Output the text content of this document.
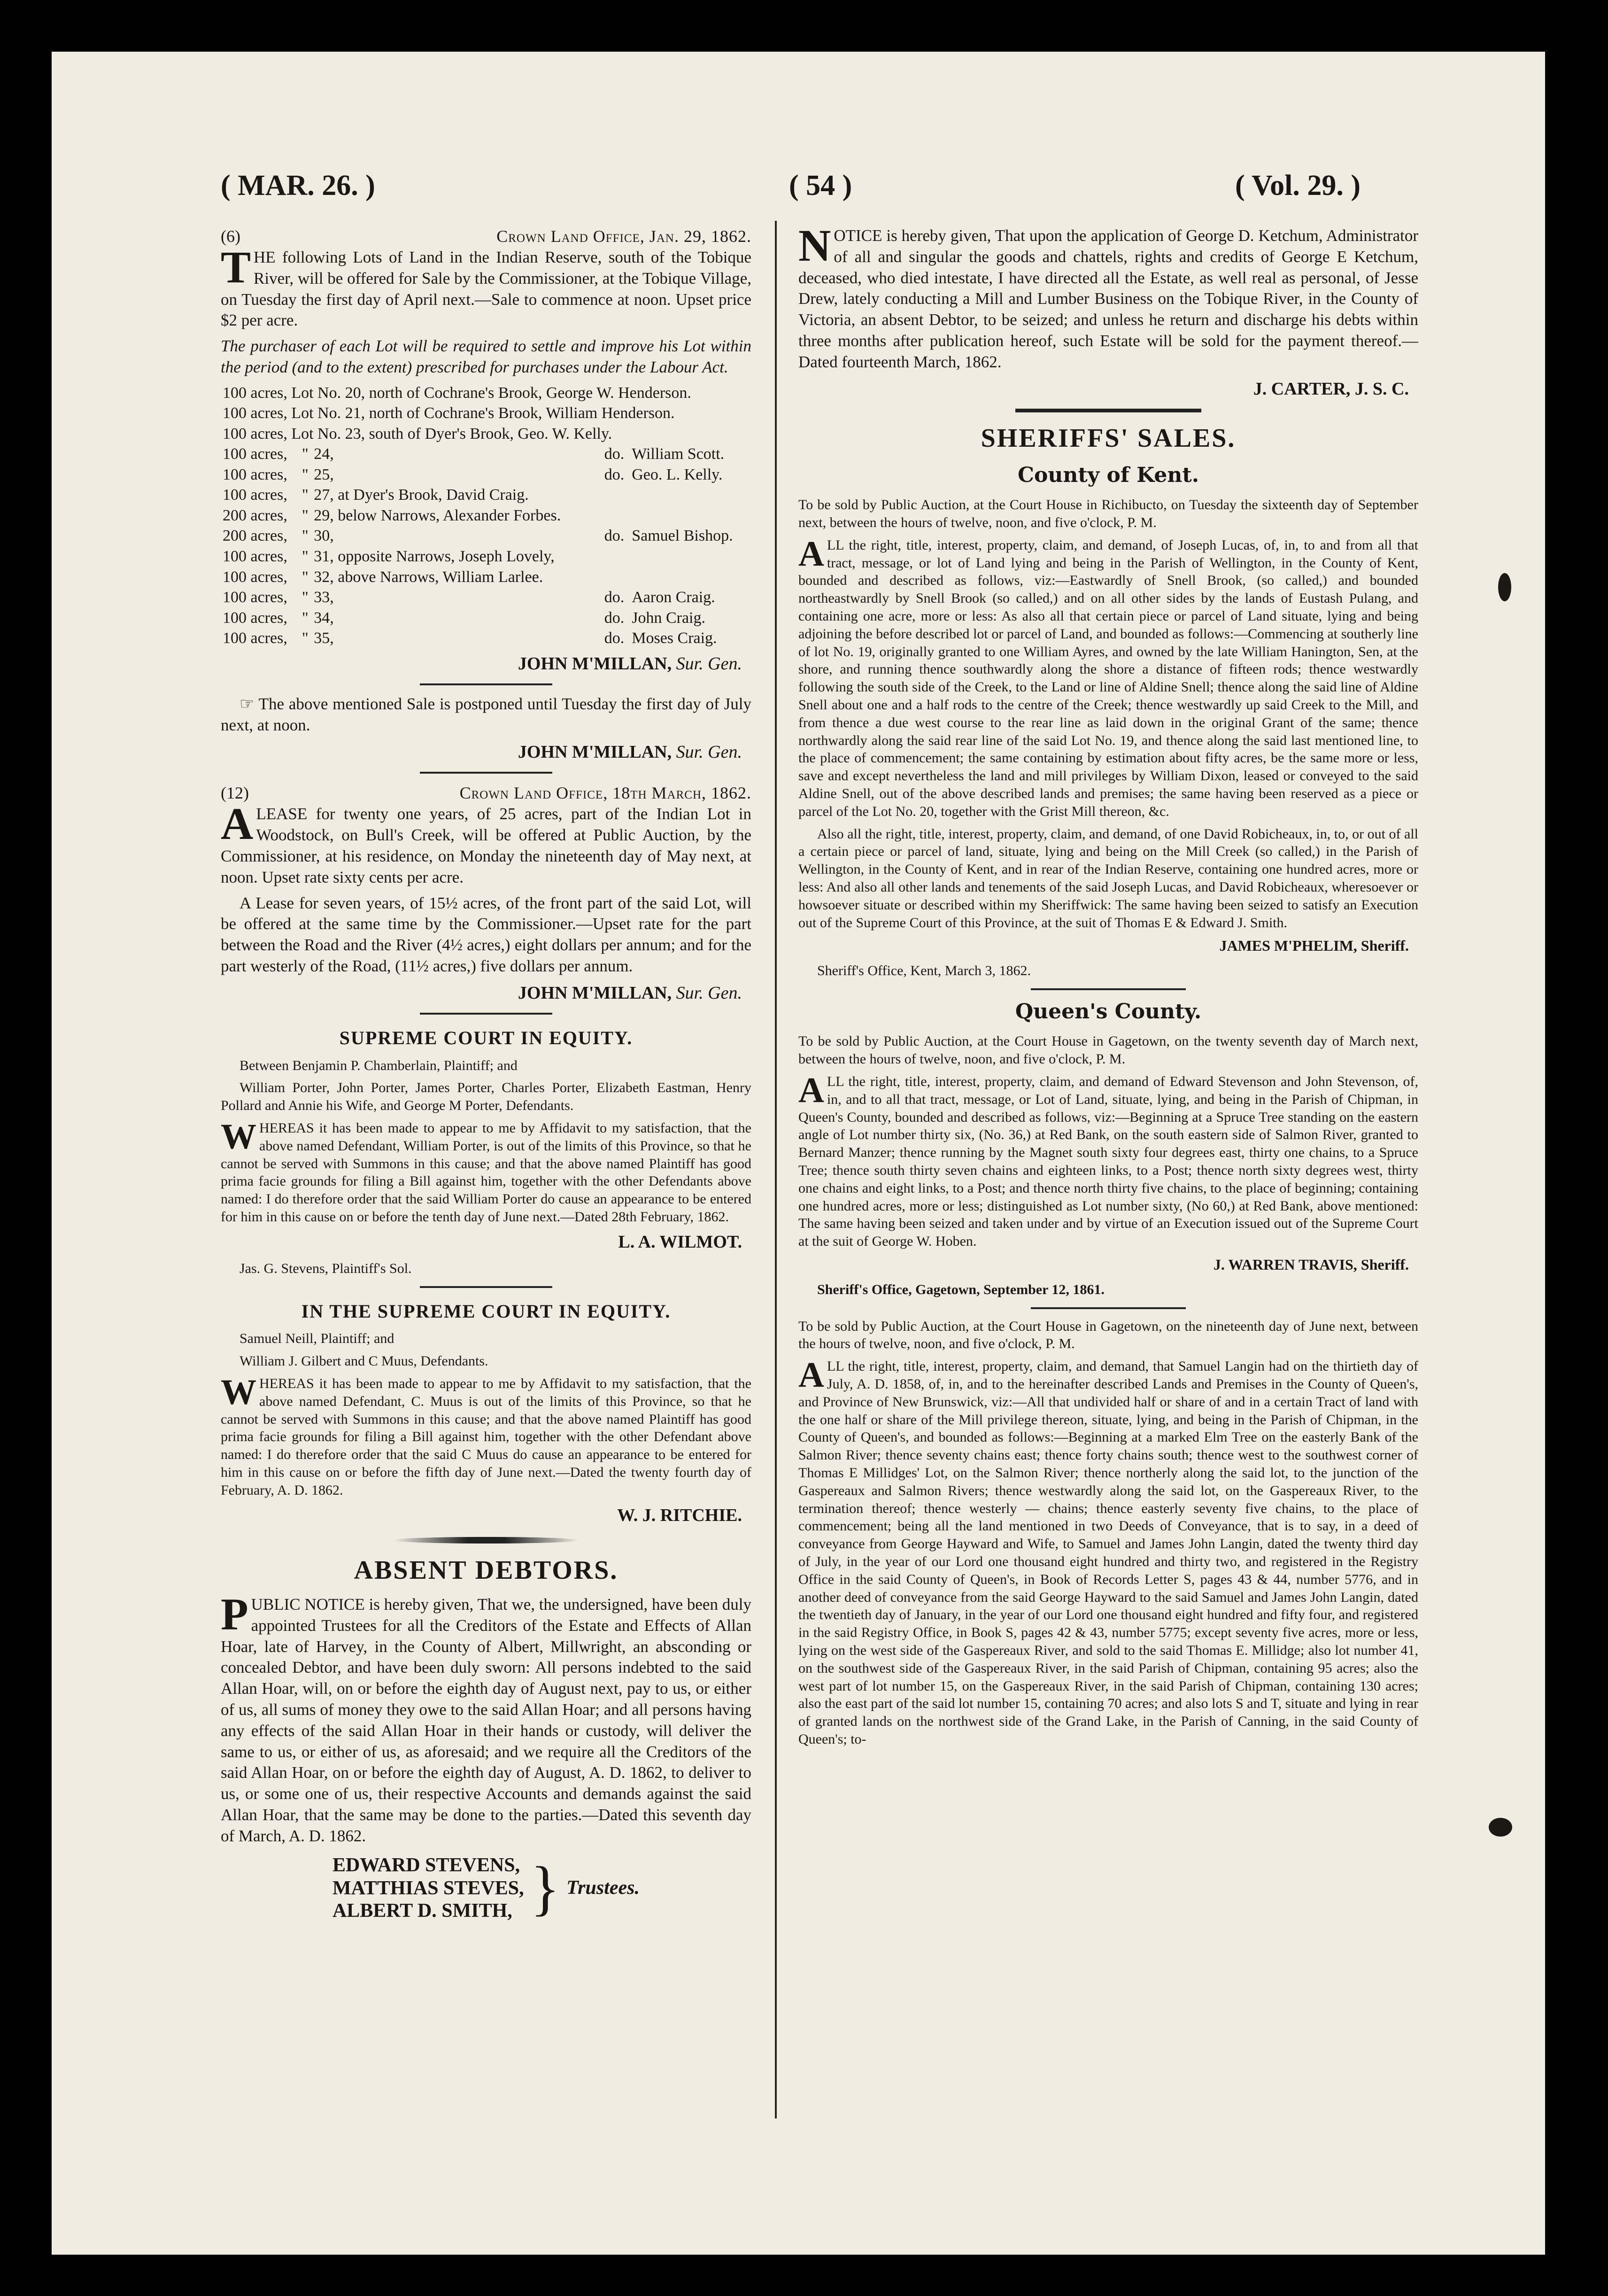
( MAR. 26. )	( 54 )	( Vol. 29. )
(6)	Crown Land Office, Jan. 29, 1862.

THE following Lots of Land in the Indian Reserve, south of the Tobique River, will be offered for Sale by the Commissioner, at the Tobique Village, on Tuesday the first day of April next.—Sale to commence at noon. Upset price $2 per acre.

The purchaser of each Lot will be required to settle and improve his Lot within the period (and to the extent) prescribed for purchases under the Labour Act.

100 acres, Lot No. 20, north of Cochrane's Brook, George W. Henderson.				
100 acres, Lot No. 21, north of Cochrane's Brook, William Henderson.				
100 acres, Lot No. 23, south of Dyer's Brook, Geo. W. Kelly.				
100 acres,	"	24,	do.	William Scott.
100 acres,	"	25,	do.	Geo. L. Kelly.
100 acres,	"	27, at Dyer's Brook, David Craig.		
200 acres,	"	29, below Narrows, Alexander Forbes.		
200 acres,	"	30,	do.	Samuel Bishop.
100 acres,	"	31, opposite Narrows, Joseph Lovely,		
100 acres,	"	32, above Narrows, William Larlee.		
100 acres,	"	33,	do.	Aaron Craig.
100 acres,	"	34,	do.	John Craig.
100 acres,	"	35,	do.	Moses Craig.
JOHN M'MILLAN, Sur. Gen.

☞ The above mentioned Sale is postponed until Tuesday the first day of July next, at noon.

JOHN M'MILLAN, Sur. Gen.
(12)	Crown Land Office, 18th March, 1862.

A LEASE for twenty one years, of 25 acres, part of the Indian Lot in Woodstock, on Bull's Creek, will be offered at Public Auction, by the Commissioner, at his residence, on Monday the nineteenth day of May next, at noon. Upset rate sixty cents per acre.

A Lease for seven years, of 15½ acres, of the front part of the said Lot, will be offered at the same time by the Commissioner.—Upset rate for the part between the Road and the River (4½ acres,) eight dollars per annum; and for the part westerly of the Road, (11½ acres,) five dollars per annum.

JOHN M'MILLAN, Sur. Gen.
SUPREME COURT IN EQUITY.

Between Benjamin P. Chamberlain, Plaintiff; and

William Porter, John Porter, James Porter, Charles Porter, Elizabeth Eastman, Henry Pollard and Annie his Wife, and George M Porter, Defendants.

WHEREAS it has been made to appear to me by Affidavit to my satisfaction, that the above named Defendant, William Porter, is out of the limits of this Province, so that he cannot be served with Summons in this cause; and that the above named Plaintiff has good prima facie grounds for filing a Bill against him, together with the other Defendants above named: I do therefore order that the said William Porter do cause an appearance to be entered for him in this cause on or before the tenth day of June next.—Dated 28th February, 1862.

L. A. WILMOT.

Jas. G. Stevens, Plaintiff's Sol.

IN THE SUPREME COURT IN EQUITY.

Samuel Neill, Plaintiff; and

William J. Gilbert and C Muus, Defendants.

WHEREAS it has been made to appear to me by Affidavit to my satisfaction, that the above named Defendant, C. Muus is out of the limits of this Province, so that he cannot be served with Summons in this cause; and that the above named Plaintiff has good prima facie grounds for filing a Bill against him, together with the other Defendant above named: I do therefore order that the said C Muus do cause an appearance to be entered for him in this cause on or before the fifth day of June next.—Dated the twenty fourth day of February, A. D. 1862.

W. J. RITCHIE.
ABSENT DEBTORS.

PUBLIC NOTICE is hereby given, That we, the undersigned, have been duly appointed Trustees for all the Creditors of the Estate and Effects of Allan Hoar, late of Harvey, in the County of Albert, Millwright, an absconding or concealed Debtor, and have been duly sworn: All persons indebted to the said Allan Hoar, will, on or before the eighth day of August next, pay to us, or either of us, all sums of money they owe to the said Allan Hoar; and all persons having any effects of the said Allan Hoar in their hands or custody, will deliver the same to us, or either of us, as aforesaid; and we require all the Creditors of the said Allan Hoar, on or before the eighth day of August, A. D. 1862, to deliver to us, or some one of us, their respective Accounts and demands against the said Allan Hoar, that the same may be done to the parties.—Dated this seventh day of March, A. D. 1862.

EDWARD STEVENS,
MATTHIAS STEVES,
ALBERT D. SMITH, } Trustees.

NOTICE is hereby given, That upon the application of George D. Ketchum, Administrator of all and singular the goods and chattels, rights and credits of George E Ketchum, deceased, who died intestate, I have directed all the Estate, as well real as personal, of Jesse Drew, lately conducting a Mill and Lumber Business on the Tobique River, in the County of Victoria, an absent Debtor, to be seized; and unless he return and discharge his debts within three months after publication hereof, such Estate will be sold for the payment thereof.—Dated fourteenth March, 1862.

J. CARTER, J. S. C.
SHERIFFS' SALES.
County of Kent.

To be sold by Public Auction, at the Court House in Richibucto, on Tuesday the sixteenth day of September next, between the hours of twelve, noon, and five o'clock, P. M.

ALL the right, title, interest, property, claim, and demand, of Joseph Lucas, of, in, to and from all that tract, message, or lot of Land lying and being in the Parish of Wellington, in the County of Kent, bounded and described as follows, viz:—Eastwardly of Snell Brook, (so called,) and bounded northeastwardly by Snell Brook (so called,) and on all other sides by the lands of Eustash Pulang, and containing one acre, more or less: As also all that certain piece or parcel of Land situate, lying and being adjoining the before described lot or parcel of Land, and bounded as follows:—Commencing at southerly line of lot No. 19, originally granted to one William Ayres, and owned by the late William Hanington, Sen, at the shore, and running thence southwardly along the shore a distance of fifteen rods; thence westwardly following the south side of the Creek, to the Land or line of Aldine Snell; thence along the said line of Aldine Snell about one and a half rods to the centre of the Creek; thence westwardly up said Creek to the Mill, and from thence a due west course to the rear line as laid down in the original Grant of the same; thence northwardly along the said rear line of the said Lot No. 19, and thence along the said last mentioned line, to the place of commencement; the same containing by estimation about fifty acres, be the same more or less, save and except nevertheless the land and mill privileges by William Dixon, leased or conveyed to the said Aldine Snell, out of the above described lands and premises; the same having been reserved as a piece or parcel of the Lot No. 20, together with the Grist Mill thereon, &c.

Also all the right, title, interest, property, claim, and demand, of one David Robicheaux, in, to, or out of all a certain piece or parcel of land, situate, lying and being on the Mill Creek (so called,) in the Parish of Wellington, in the County of Kent, and in rear of the Indian Reserve, containing one hundred acres, more or less: And also all other lands and tenements of the said Joseph Lucas, and David Robicheaux, wheresoever or howsoever situate or described within my Sheriffwick: The same having been seized to satisfy an Execution out of the Supreme Court of this Province, at the suit of Thomas E & Edward J. Smith.

JAMES M'PHELIM, Sheriff.

Sheriff's Office, Kent, March 3, 1862.

Queen's County.

To be sold by Public Auction, at the Court House in Gagetown, on the twenty seventh day of March next, between the hours of twelve, noon, and five o'clock, P. M.

ALL the right, title, interest, property, claim, and demand of Edward Stevenson and John Stevenson, of, in, and to all that tract, message, or Lot of Land, situate, lying, and being in the Parish of Chipman, in Queen's County, bounded and described as follows, viz:—Beginning at a Spruce Tree standing on the eastern angle of Lot number thirty six, (No. 36,) at Red Bank, on the south eastern side of Salmon River, granted to Bernard Manzer; thence running by the Magnet south sixty four degrees east, thirty one chains, to a Spruce Tree; thence south thirty seven chains and eighteen links, to a Post; thence north sixty degrees west, thirty one chains and eight links, to a Post; and thence north thirty five chains, to the place of beginning; containing one hundred acres, more or less; distinguished as Lot number sixty, (No 60,) at Red Bank, above mentioned: The same having been seized and taken under and by virtue of an Execution issued out of the Supreme Court at the suit of George W. Hoben.

J. WARREN TRAVIS, Sheriff.

Sheriff's Office, Gagetown, September 12, 1861.

To be sold by Public Auction, at the Court House in Gagetown, on the nineteenth day of June next, between the hours of twelve, noon, and five o'clock, P. M.

ALL the right, title, interest, property, claim, and demand, that Samuel Langin had on the thirtieth day of July, A. D. 1858, of, in, and to the hereinafter described Lands and Premises in the County of Queen's, and Province of New Brunswick, viz:—All that undivided half or share of and in a certain Tract of land with the one half or share of the Mill privilege thereon, situate, lying, and being in the Parish of Chipman, in the County of Queen's, and bounded as follows:—Beginning at a marked Elm Tree on the easterly Bank of the Salmon River; thence seventy chains east; thence forty chains south; thence west to the southwest corner of Thomas E Millidges' Lot, on the Salmon River; thence northerly along the said lot, to the junction of the Gaspereaux and Salmon Rivers; thence westwardly along the said lot, on the Gaspereaux River, to the termination thereof; thence westerly — chains; thence easterly seventy five chains, to the place of commencement; being all the land mentioned in two Deeds of Conveyance, that is to say, in a deed of conveyance from George Hayward and Wife, to Samuel and James John Langin, dated the twenty third day of July, in the year of our Lord one thousand eight hundred and thirty two, and registered in the Registry Office in the said County of Queen's, in Book of Records Letter S, pages 43 & 44, number 5776, and in another deed of conveyance from the said George Hayward to the said Samuel and James John Langin, dated the twentieth day of January, in the year of our Lord one thousand eight hundred and fifty four, and registered in the said Registry Office, in Book S, pages 42 & 43, number 5775; except seventy five acres, more or less, lying on the west side of the Gaspereaux River, and sold to the said Thomas E. Millidge; also lot number 41, on the southwest side of the Gaspereaux River, in the said Parish of Chipman, containing 95 acres; also the west part of lot number 15, on the Gaspereaux River, in the said Parish of Chipman, containing 130 acres; also the east part of the said lot number 15, containing 70 acres; and also lots S and T, situate and lying in rear of granted lands on the northwest side of the Grand Lake, in the Parish of Canning, in the said County of Queen's; to-
